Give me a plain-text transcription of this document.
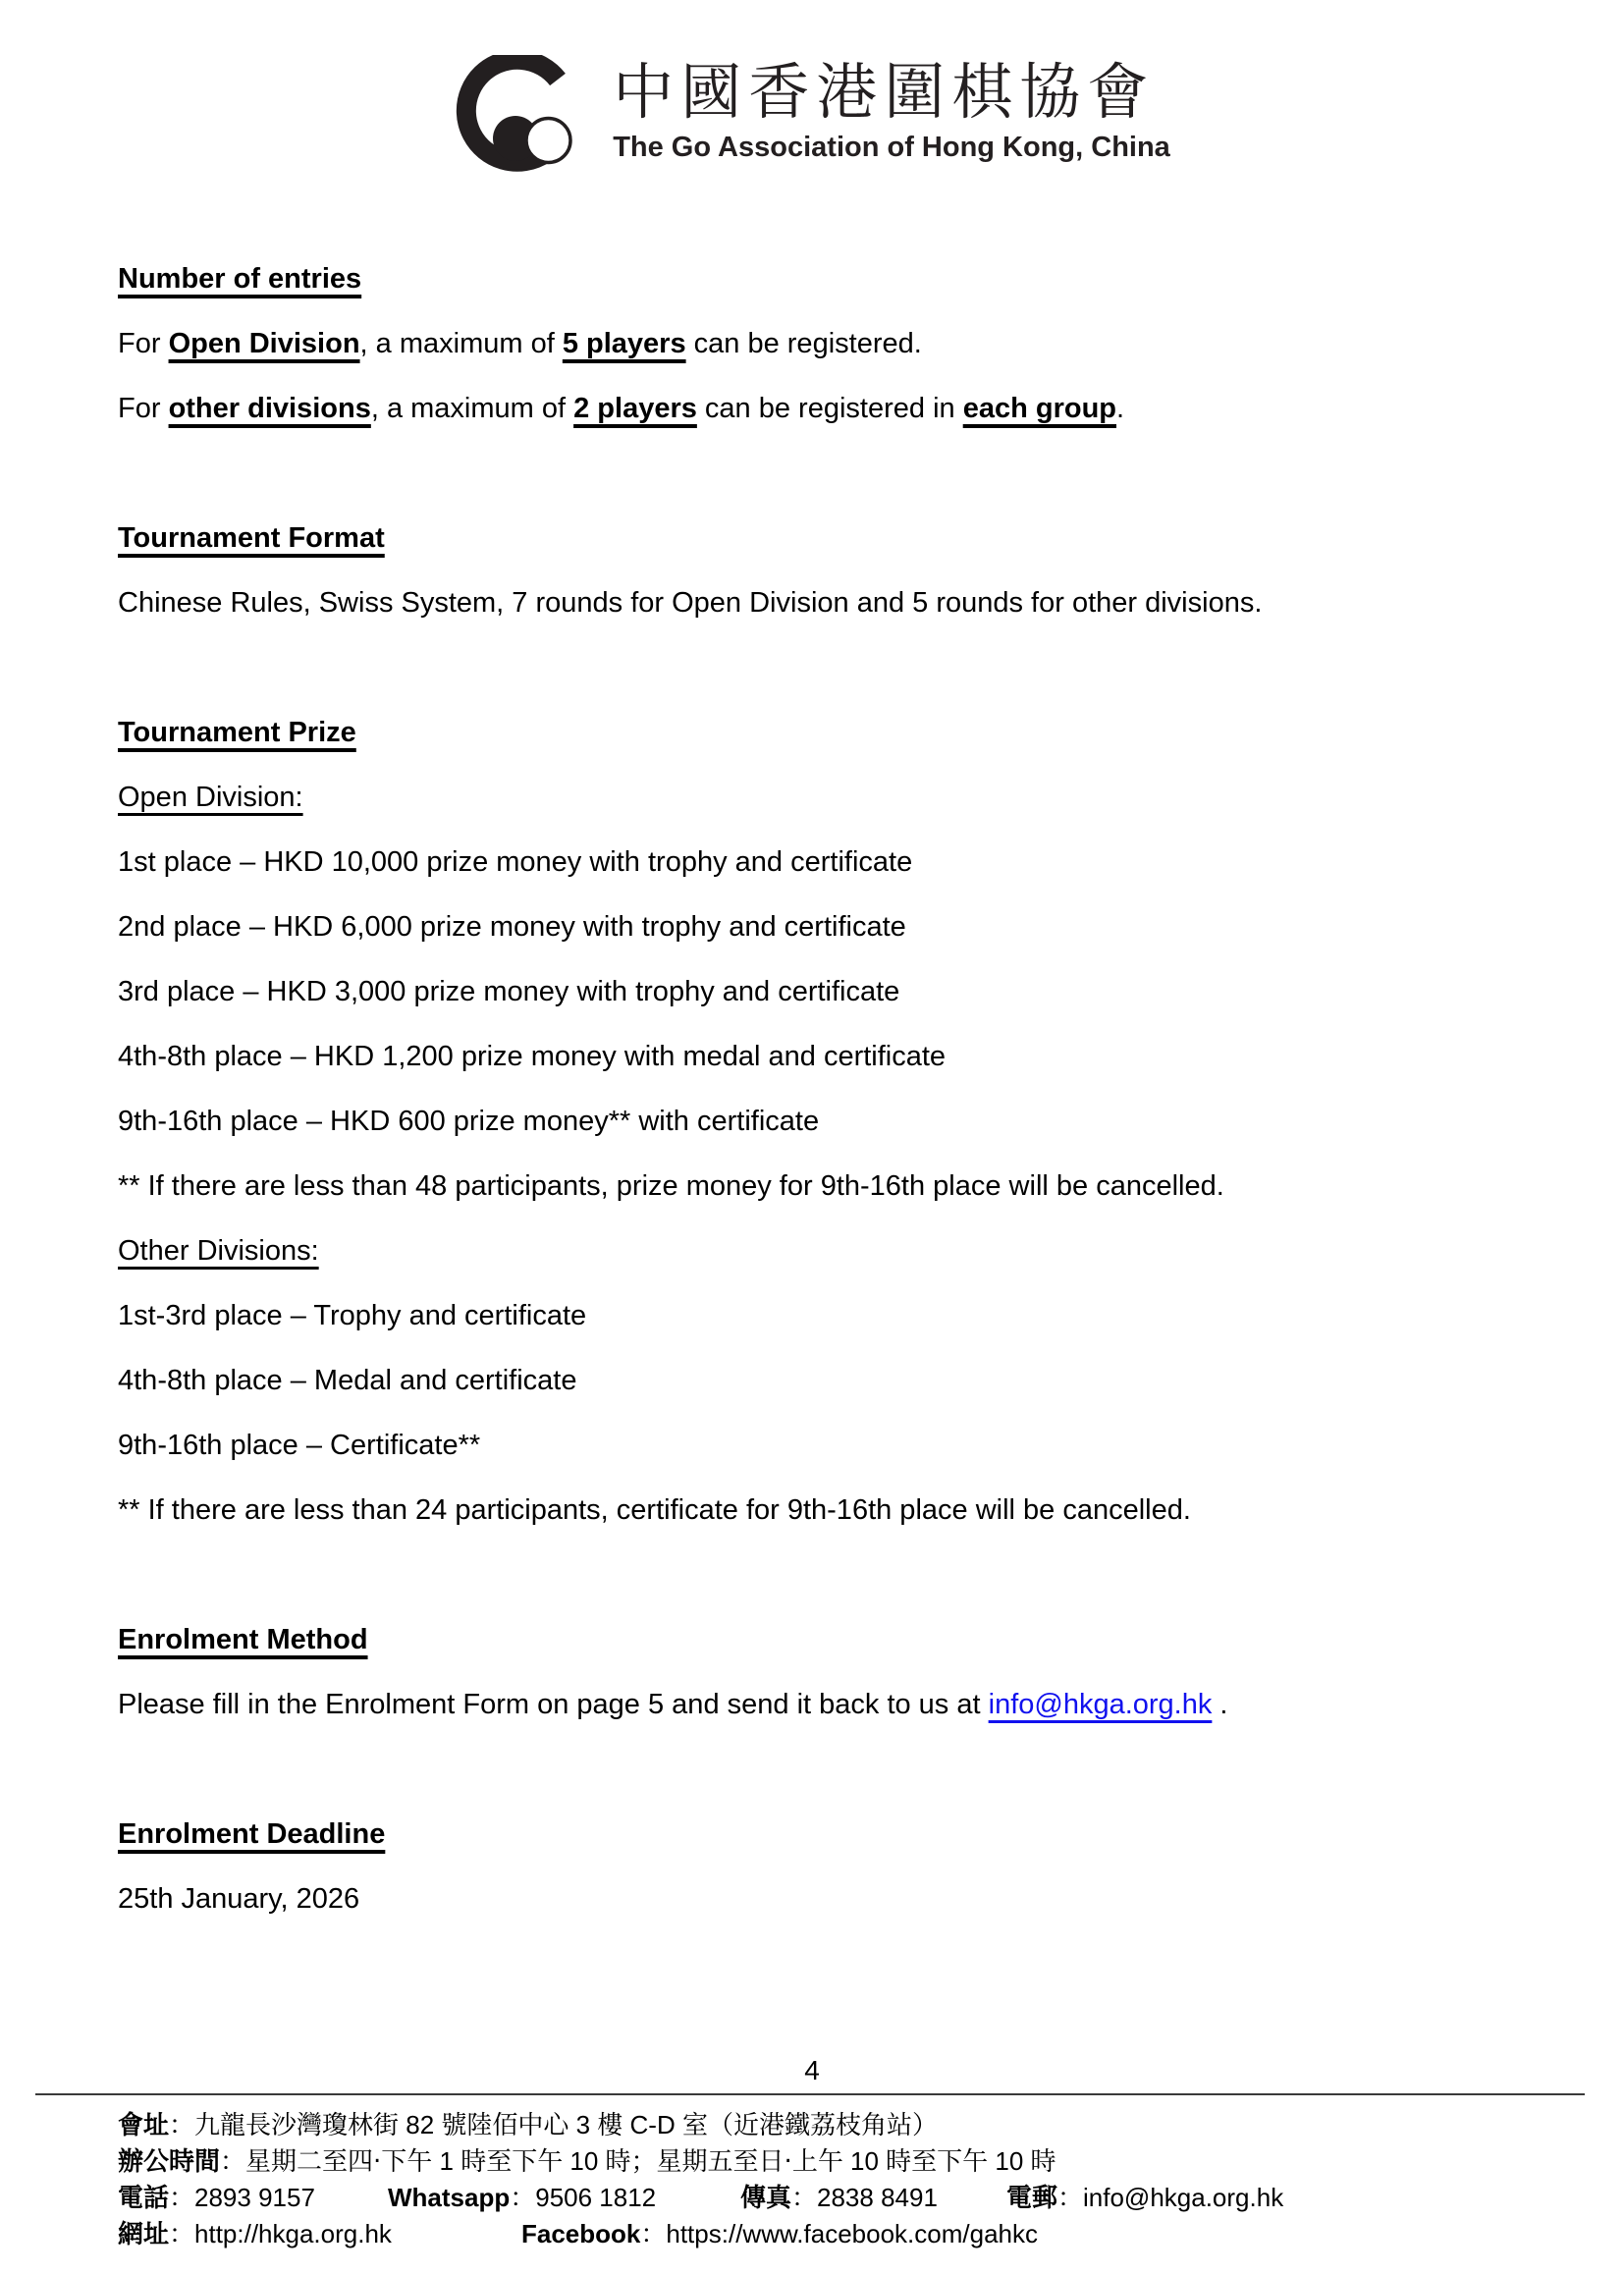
中國香港圍棋協會
The Go Association of Hong Kong, China
Number of entries

For Open Division, a maximum of 5 players can be registered.

For other divisions, a maximum of 2 players can be registered in each group.

Tournament Format

Chinese Rules, Swiss System, 7 rounds for Open Division and 5 rounds for other divisions.

Tournament Prize
Open Division:

1st place – HKD 10,000 prize money with trophy and certificate

2nd place – HKD 6,000 prize money with trophy and certificate

3rd place – HKD 3,000 prize money with trophy and certificate

4th-8th place – HKD 1,200 prize money with medal and certificate

9th-16th place – HKD 600 prize money** with certificate

** If there are less than 48 participants, prize money for 9th-16th place will be cancelled.

Other Divisions:

1st-3rd place – Trophy and certificate

4th-8th place – Medal and certificate

9th-16th place – Certificate**

** If there are less than 24 participants, certificate for 9th-16th place will be cancelled.

Enrolment Method

Please fill in the Enrolment Form on page 5 and send it back to us at info@hkga.org.hk .

Enrolment Deadline

25th January, 2026

4
會址 ：九龍長沙灣瓊林街 82 號陸佰中心 3 樓 C-D 室（近港鐵荔枝角站）
辦公時間 ：星期二至四‧下午 1 時至下午 10 時；星期五至日‧上午 10 時至下午 10 時
電話：2893 9157	Whatsapp：9506 1812	傳真：2838 8491	電郵：info@hkga.org.hk
網址：http://hkga.org.hk	Facebook：https://www.facebook.com/gahkc
